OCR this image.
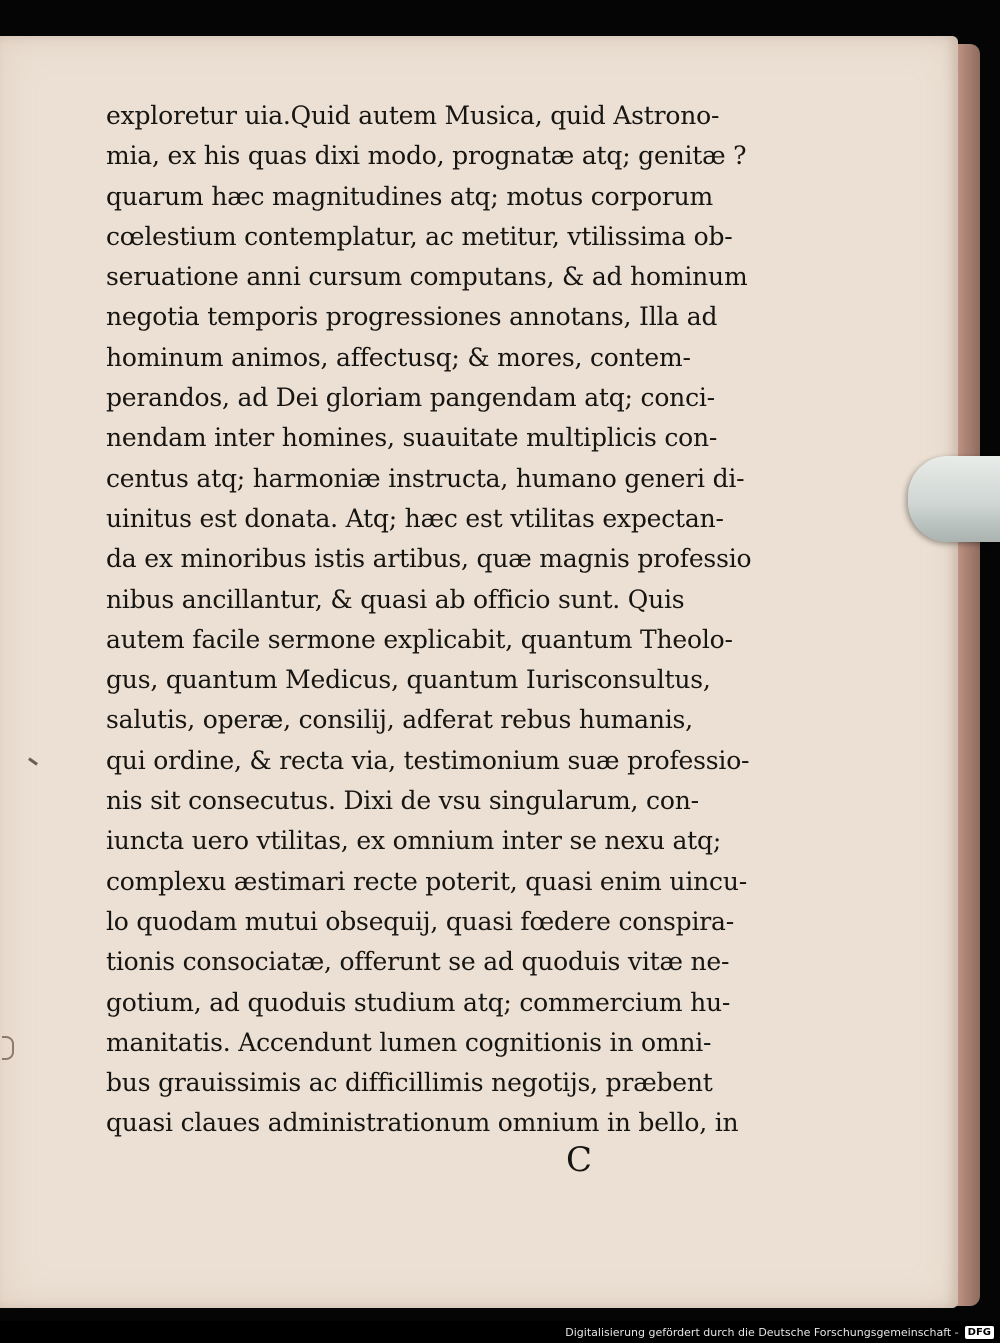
exploretur uia.Quid autem Musica, quid Astrono-
mia, ex his quas dixi modo, prognatæ atq; genitæ ?
quarum hæc magnitudines atq; motus corporum
cœlestium contemplatur, ac metitur, vtilissima ob-
seruatione anni cursum computans, & ad hominum
negotia temporis progressiones annotans, Illa ad
hominum animos, affectusq; & mores, contem-
perandos, ad Dei gloriam pangendam atq; conci-
nendam inter homines, suauitate multiplicis con-
centus atq; harmoniæ instructa, humano generi di-
uinitus est donata. Atq; hæc est vtilitas expectan-
da ex minoribus istis artibus, quæ magnis professio
nibus ancillantur, & quasi ab officio sunt. Quis
autem facile sermone explicabit, quantum Theolo-
gus, quantum Medicus, quantum Iurisconsultus,
salutis, operæ, consilij, adferat rebus humanis,
qui ordine, & recta via, testimonium suæ professio-
nis sit consecutus. Dixi de vsu singularum, con-
iuncta uero vtilitas, ex omnium inter se nexu atq;
complexu æstimari recte poterit, quasi enim uincu-
lo quodam mutui obsequij, quasi fœdere conspira-
tionis consociatæ, offerunt se ad quoduis vitæ ne-
gotium, ad quoduis studium atq; commercium hu-
manitatis. Accendunt lumen cognitionis in omni-
bus grauissimis ac difficillimis negotijs, præbent
quasi claues administrationum omnium in bello, in
C
Digitalisierung gefördert durch die Deutsche Forschungsgemeinschaft - DFG
